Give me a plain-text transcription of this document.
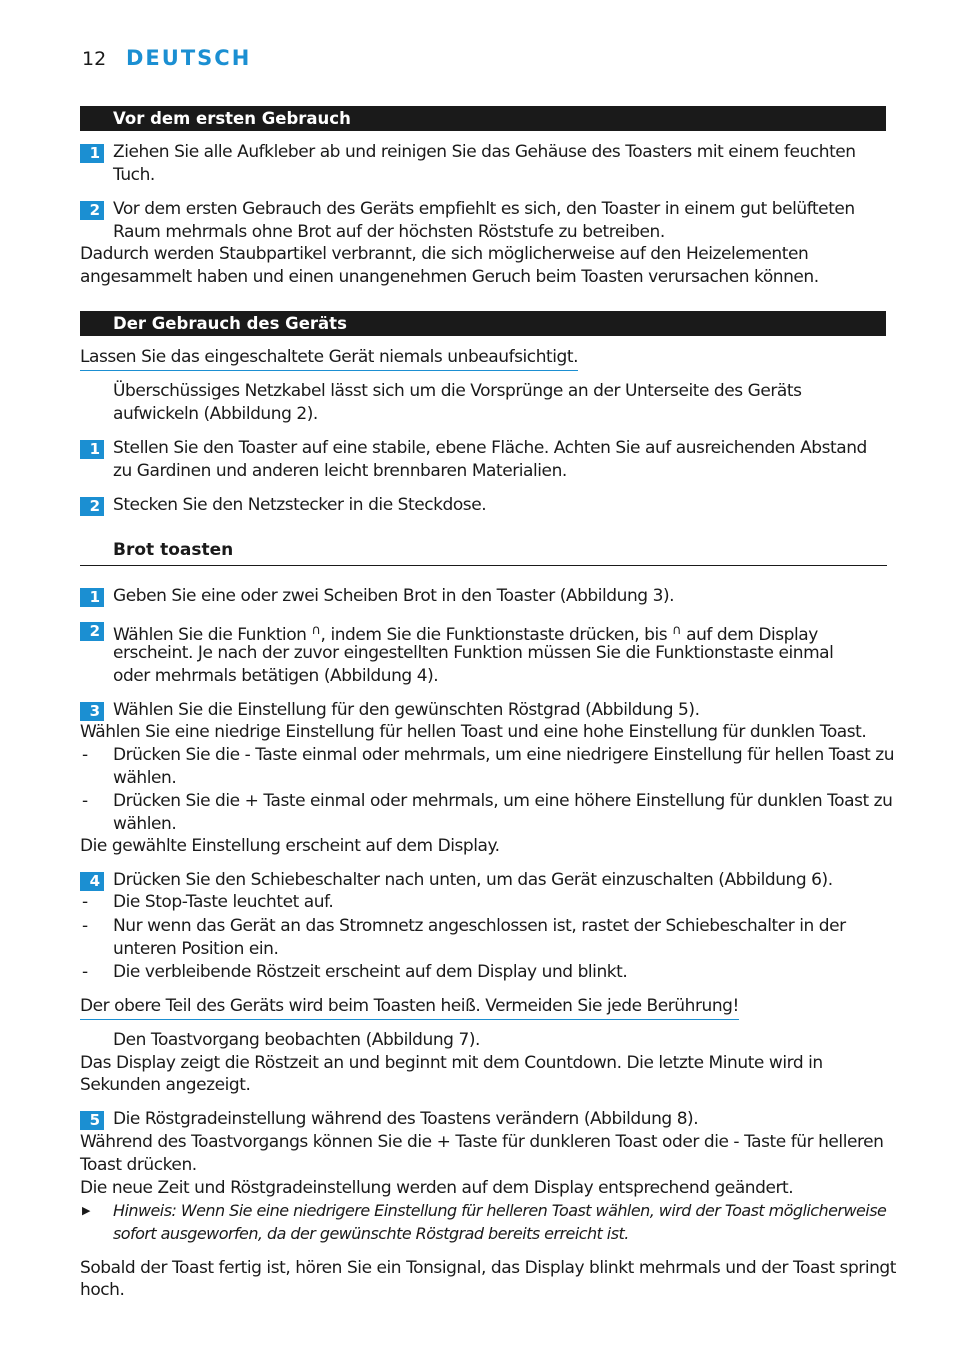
12 DEUTSCH
Vor dem ersten Gebrauch
1 Ziehen Sie alle Aufkleber ab und reinigen Sie das Gehäuse des Toasters mit einem feuchten
Tuch.
2 Vor dem ersten Gebrauch des Geräts empfiehlt es sich, den Toaster in einem gut belüfteten
Raum mehrmals ohne Brot auf der höchsten Röststufe zu betreiben.
Dadurch werden Staubpartikel verbrannt, die sich möglicherweise auf den Heizelementen
angesammelt haben und einen unangenehmen Geruch beim Toasten verursachen können.
Der Gebrauch des Geräts
Lassen Sie das eingeschaltete Gerät niemals unbeaufsichtigt.
Überschüssiges Netzkabel lässt sich um die Vorsprünge an der Unterseite des Geräts
aufwickeln (Abbildung 2).
1 Stellen Sie den Toaster auf eine stabile, ebene Fläche. Achten Sie auf ausreichenden Abstand
zu Gardinen und anderen leicht brennbaren Materialien.
2 Stecken Sie den Netzstecker in die Steckdose.
Brot toasten
1 Geben Sie eine oder zwei Scheiben Brot in den Toaster (Abbildung 3).
2 Wählen Sie die Funktion ∩, indem Sie die Funktionstaste drücken, bis ∩ auf dem Display
erscheint. Je nach der zuvor eingestellten Funktion müssen Sie die Funktionstaste einmal
oder mehrmals betätigen (Abbildung 4).
3 Wählen Sie die Einstellung für den gewünschten Röstgrad (Abbildung 5).
Wählen Sie eine niedrige Einstellung für hellen Toast und eine hohe Einstellung für dunklen Toast.
- Drücken Sie die - Taste einmal oder mehrmals, um eine niedrigere Einstellung für hellen Toast zu
wählen.
- Drücken Sie die + Taste einmal oder mehrmals, um eine höhere Einstellung für dunklen Toast zu
wählen.
Die gewählte Einstellung erscheint auf dem Display.
4 Drücken Sie den Schiebeschalter nach unten, um das Gerät einzuschalten (Abbildung 6).
- Die Stop-Taste leuchtet auf.
- Nur wenn das Gerät an das Stromnetz angeschlossen ist, rastet der Schiebeschalter in der
unteren Position ein.
- Die verbleibende Röstzeit erscheint auf dem Display und blinkt.
Der obere Teil des Geräts wird beim Toasten heiß. Vermeiden Sie jede Berührung!
Den Toastvorgang beobachten (Abbildung 7).
Das Display zeigt die Röstzeit an und beginnt mit dem Countdown. Die letzte Minute wird in
Sekunden angezeigt.
5 Die Röstgradeinstellung während des Toastens verändern (Abbildung 8).
Während des Toastvorgangs können Sie die + Taste für dunkleren Toast oder die - Taste für helleren
Toast drücken.
Die neue Zeit und Röstgradeinstellung werden auf dem Display entsprechend geändert.
▶ Hinweis: Wenn Sie eine niedrigere Einstellung für helleren Toast wählen, wird der Toast möglicherweise
sofort ausgeworfen, da der gewünschte Röstgrad bereits erreicht ist.
Sobald der Toast fertig ist, hören Sie ein Tonsignal, das Display blinkt mehrmals und der Toast springt
hoch.
